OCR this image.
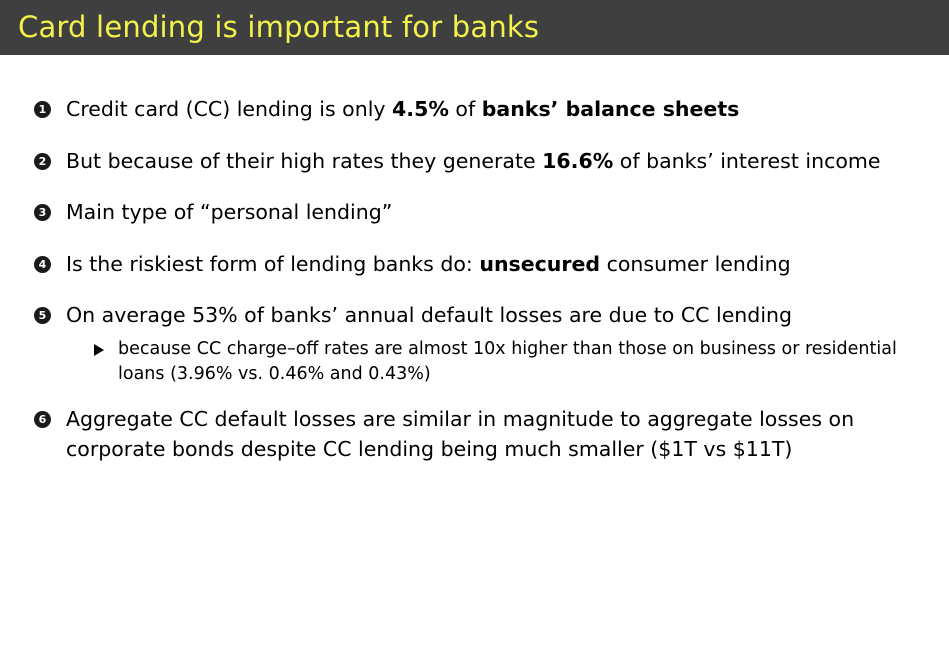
Card lending is important for banks
1 Credit card (CC) lending is only 4.5% of banks’ balance sheets
2 But because of their high rates they generate 16.6% of banks’ interest income
3 Main type of “personal lending”
4 Is the riskiest form of lending banks do: unsecured consumer lending
5 On average 53% of banks’ annual default losses are due to CC lending
because CC charge–off rates are almost 10x higher than those on business or residential loans (3.96% vs. 0.46% and 0.43%)
6 Aggregate CC default losses are similar in magnitude to aggregate losses on corporate bonds despite CC lending being much smaller ($1T vs $11T)
